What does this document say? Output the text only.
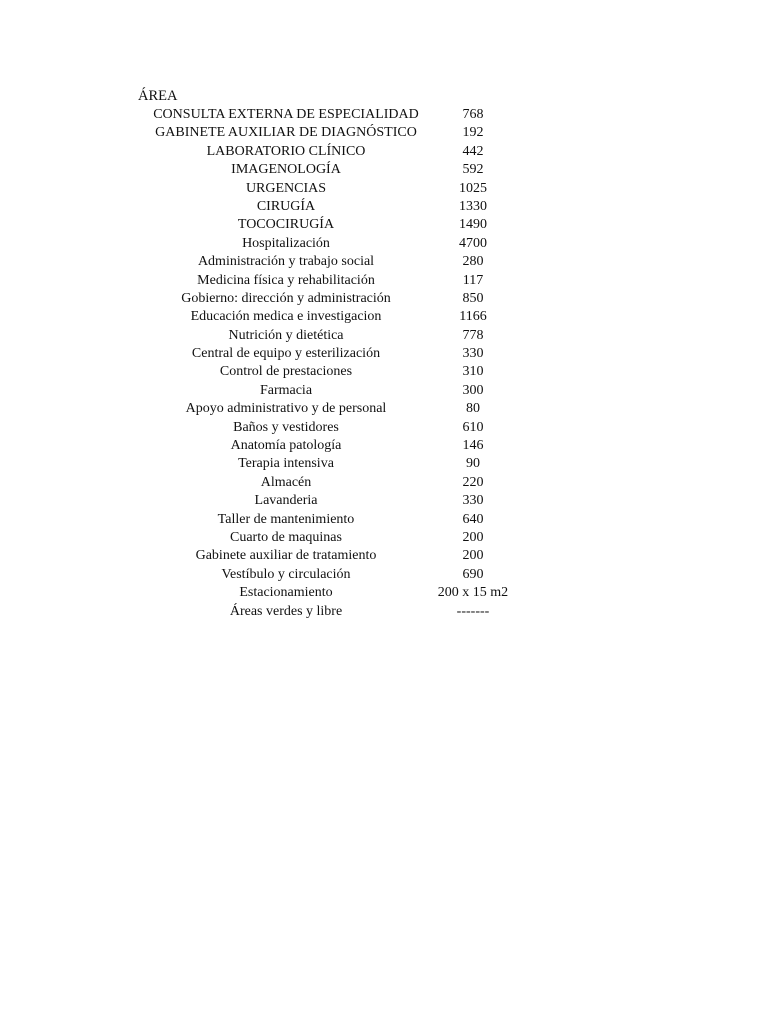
ÁREA
CONSULTA EXTERNA DE ESPECIALIDAD	768
GABINETE AUXILIAR DE DIAGNÓSTICO	192
LABORATORIO CLÍNICO	442
IMAGENOLOGÍA	592
URGENCIAS	1025
CIRUGÍA	1330
TOCOCIRUGÍA	1490
Hospitalización	4700
Administración y trabajo social	280
Medicina física y rehabilitación	117
Gobierno: dirección y administración	850
Educación medica e investigacion	1166
Nutrición y dietética	778
Central de equipo y esterilización	330
Control de prestaciones	310
Farmacia	300
Apoyo administrativo y de personal	80
Baños y vestidores	610
Anatomía patología	146
Terapia intensiva	90
Almacén	220
Lavanderia	330
Taller de mantenimiento	640
Cuarto de maquinas	200
Gabinete auxiliar de tratamiento	200
Vestíbulo y circulación	690
Estacionamiento	200 x 15 m2
Áreas verdes y libre	-------
